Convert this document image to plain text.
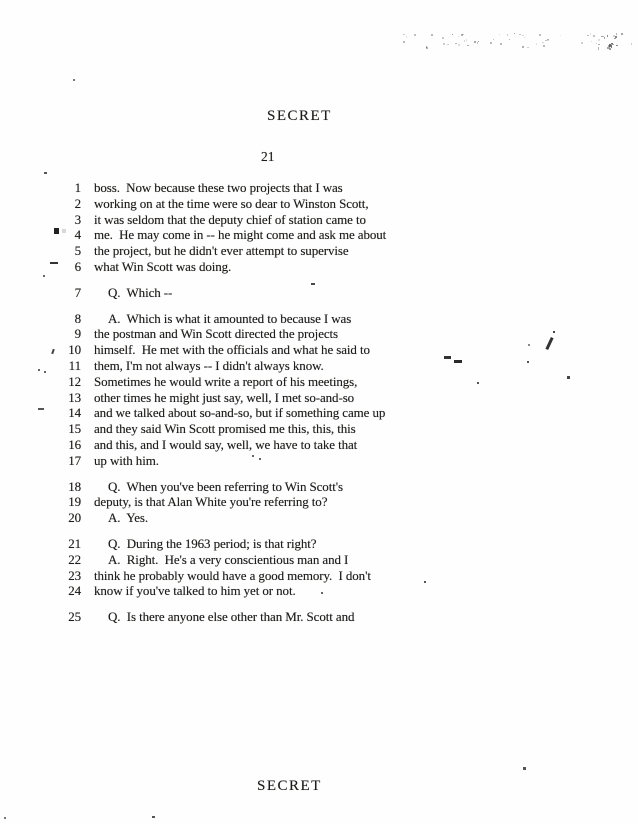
SECRET
21
1 boss.  Now because these two projects that I was
2 working on at the time were so dear to Winston Scott,
3 it was seldom that the deputy chief of station came to
4 me.  He may come in -- he might come and ask me about
5 the project, but he didn't ever attempt to supervise
6 what Win Scott was doing.
7	Q.  Which --
8	A.  Which is what it amounted to because I was
9 the postman and Win Scott directed the projects
10 himself.  He met with the officials and what he said to
11 them, I'm not always -- I didn't always know.
12 Sometimes he would write a report of his meetings,
13 other times he might just say, well, I met so-and-so
14 and we talked about so-and-so, but if something came up
15 and they said Win Scott promised me this, this, this
16 and this, and I would say, well, we have to take that
17 up with him.
18	Q.  When you've been referring to Win Scott's
19 deputy, is that Alan White you're referring to?
20	A.  Yes.
21	Q.  During the 1963 period; is that right?
22	A.  Right.  He's a very conscientious man and I
23 think he probably would have a good memory.  I don't
24 know if you've talked to him yet or not.
25	Q.  Is there anyone else other than Mr. Scott and
SECRET
